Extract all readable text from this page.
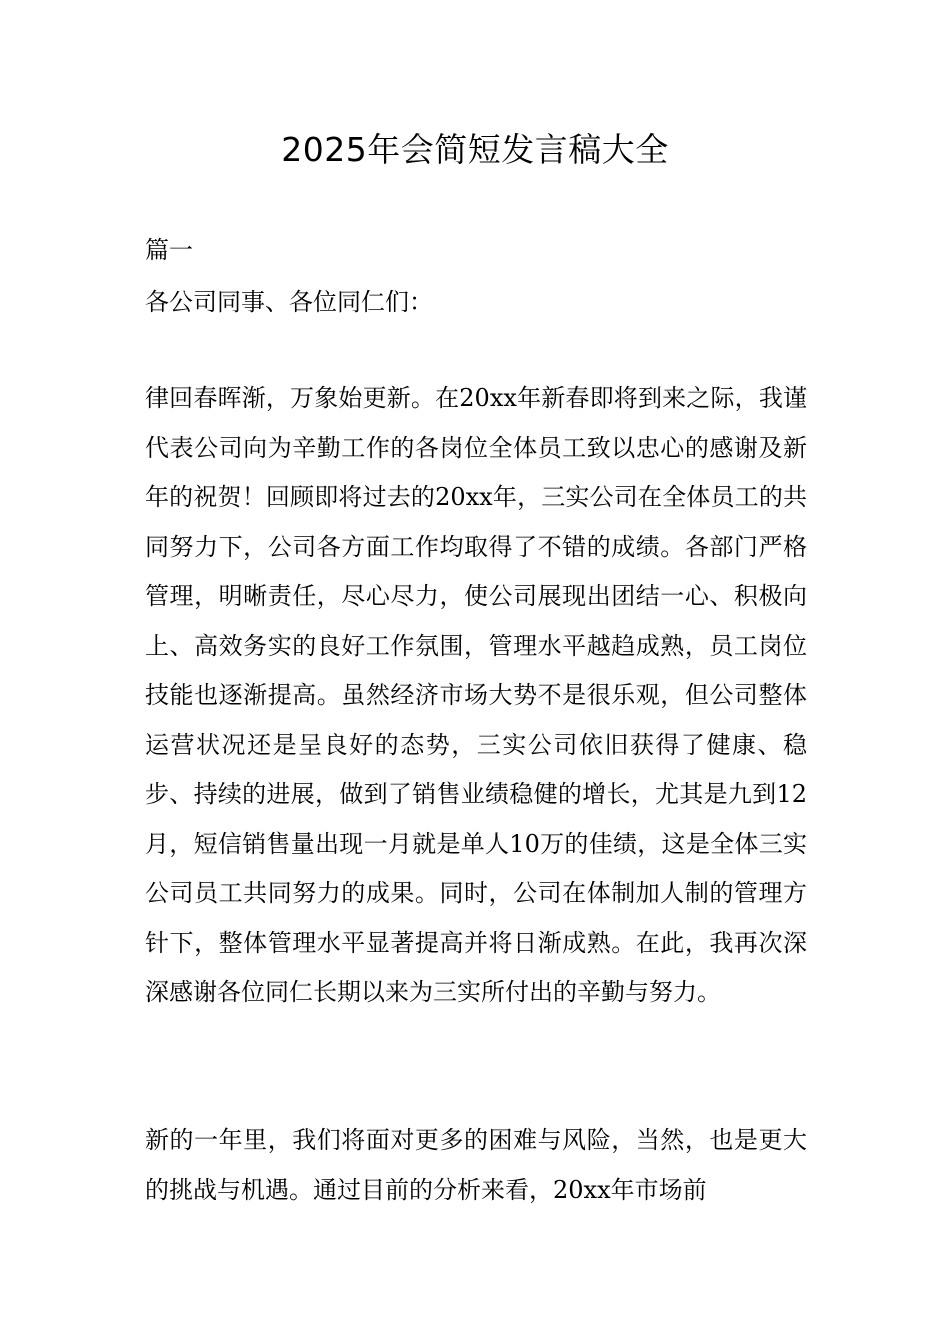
2025年会简短发言稿大全
篇一
各公司同事、各位同仁们：
律回春晖渐，万象始更新。在20xx年新春即将到来之际，我谨代表公司向为辛勤工作的各岗位全体员工致以忠心的感谢及新年的祝贺！回顾即将过去的20xx年，三实公司在全体员工的共同努力下，公司各方面工作均取得了不错的成绩。各部门严格管理，明晰责任，尽心尽力，使公司展现出团结一心、积极向上、高效务实的良好工作氛围，管理水平越趋成熟，员工岗位技能也逐渐提高。虽然经济市场大势不是很乐观，但公司整体运营状况还是呈良好的态势，三实公司依旧获得了健康、稳步、持续的进展，做到了销售业绩稳健的增长，尤其是九到12月，短信销售量出现一月就是单人10万的佳绩，这是全体三实公司员工共同努力的成果。同时，公司在体制加人制的管理方针下，整体管理水平显著提高并将日渐成熟。在此，我再次深深感谢各位同仁长期以来为三实所付出的辛勤与努力。
新的一年里，我们将面对更多的困难与风险，当然，也是更大的挑战与机遇。通过目前的分析来看，20xx年市场前
